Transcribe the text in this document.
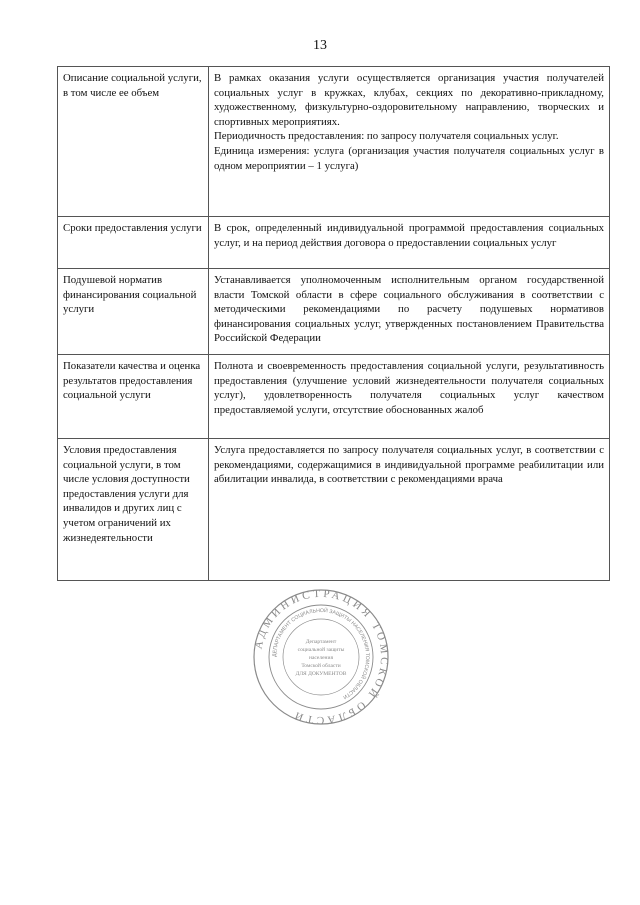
13
Описание социальной услуги, в том числе ее объем	В рамках оказания услуги осуществляется организация участия получателей социальных услуг в кружках, клубах, секциях по декоративно-прикладному, художественному, физкультурно-оздоровительному направлению, творческих и спортивных мероприятиях.

Периодичность предоставления: по запросу получателя социальных услуг.

Единица измерения: услуга (организация участия получателя социальных услуг в одном мероприятии – 1 услуга)

Сроки предоставления услуги	В срок, определенный индивидуальной программой предоставления социальных услуг, и на период действия договора о предоставлении социальных услуг

Подушевой норматив финансирования социальной услуги	Устанавливается уполномоченным исполнительным органом государственной власти Томской области в сфере социального обслуживания в соответствии с методическими рекомендациями по расчету подушевых нормативов финансирования социальных услуг, утвержденных постановлением Правительства Российской Федерации

Показатели качества и оценка результатов предоставления социальной услуги	Полнота и своевременность предоставления социальной услуги, результативность предоставления (улучшение условий жизнедеятельности получателя социальных услуг), удовлетворенность получателя социальных услуг качеством предоставляемой услуги, отсутствие обоснованных жалоб

Условия предоставления социальной услуги, в том числе условия доступности предоставления услуги для инвалидов и других лиц с учетом ограничений их жизнедеятельности	Услуга предоставляется по запросу получателя социальных услуг, в соответствии с рекомендациями, содержащимися в индивидуальной программе реабилитации или абилитации инвалида, в соответствии с рекомендациями врача

АДМИНИСТРАЦИЯ ТОМСКОЙ ОБЛАСТИ
ДЕПАРТАМЕНТ СОЦИАЛЬНОЙ ЗАЩИТЫ НАСЕЛЕНИЯ ТОМСКОЙ ОБЛАСТИ
Департамент
социальной защиты
населения
Томской области
ДЛЯ ДОКУМЕНТОВ
